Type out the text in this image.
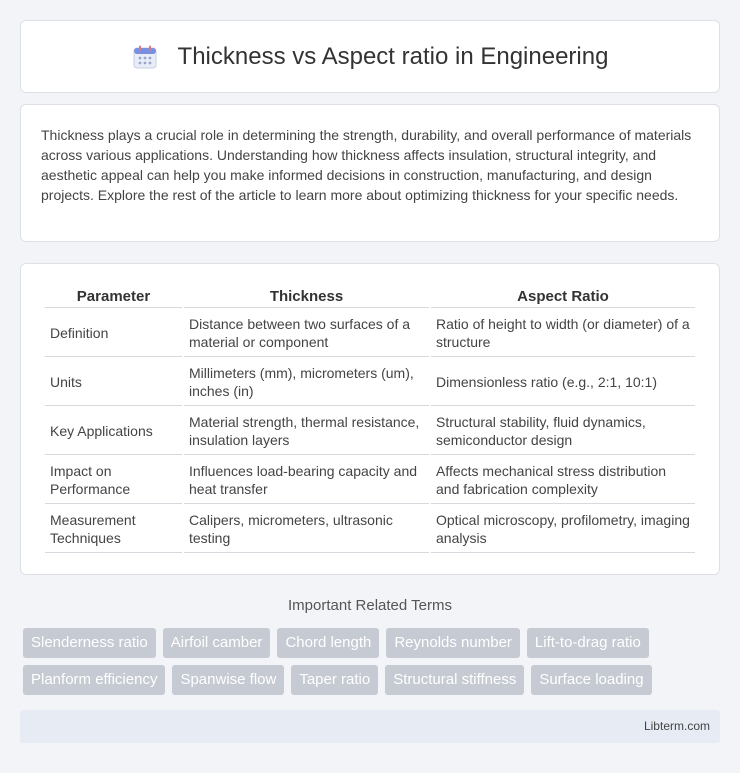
Thickness vs Aspect ratio in Engineering

Thickness plays a crucial role in determining the strength, durability, and overall performance of materials across various applications. Understanding how thickness affects insulation, structural integrity, and aesthetic appeal can help you make informed decisions in construction, manufacturing, and design projects. Explore the rest of the article to learn more about optimizing thickness for your specific needs.

Parameter	Thickness	Aspect Ratio
Definition	Distance between two surfaces of a material or component	Ratio of height to width (or diameter) of a structure
Units	Millimeters (mm), micrometers (um), inches (in)	Dimensionless ratio (e.g., 2:1, 10:1)
Key Applications	Material strength, thermal resistance, insulation layers	Structural stability, fluid dynamics, semiconductor design
Impact on Performance	Influences load-bearing capacity and heat transfer	Affects mechanical stress distribution and fabrication complexity
Measurement Techniques	Calipers, micrometers, ultrasonic testing	Optical microscopy, profilometry, imaging analysis
Important Related Terms
Slenderness ratio	Airfoil camber	Chord length	Reynolds number	Lift-to-drag ratio
Planform efficiency	Spanwise flow	Taper ratio	Structural stiffness	Surface loading
Libterm.com
